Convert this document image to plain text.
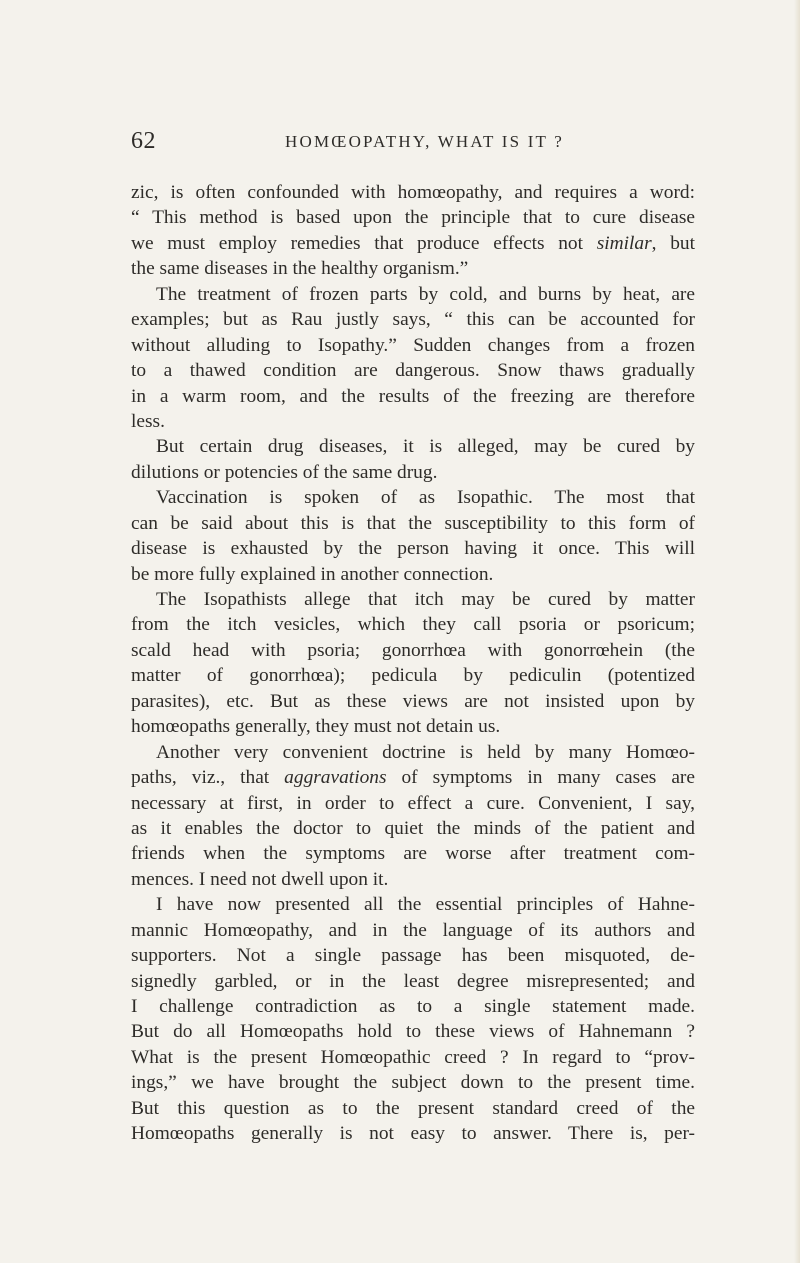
62	HOMŒOPATHY, WHAT IS IT ?
zic, is often confounded with homœopathy, and requires a word:
“ This method is based upon the principle that to cure disease
we must employ remedies that produce effects not similar, but
the same diseases in the healthy organism.”
The treatment of frozen parts by cold, and burns by heat, are
examples; but as Rau justly says, “ this can be accounted for
without alluding to Isopathy.” Sudden changes from a frozen
to a thawed condition are dangerous. Snow thaws gradually
in a warm room, and the results of the freezing are therefore
less.
But certain drug diseases, it is alleged, may be cured by
dilutions or potencies of the same drug.
Vaccination is spoken of as Isopathic. The most that
can be said about this is that the susceptibility to this form of
disease is exhausted by the person having it once. This will
be more fully explained in another connection.
The Isopathists allege that itch may be cured by matter
from the itch vesicles, which they call psoria or psoricum;
scald head with psoria; gonorrhœa with gonorrœhein (the
matter of gonorrhœa); pedicula by pediculin (potentized
parasites), etc. But as these views are not insisted upon by
homœopaths generally, they must not detain us.
Another very convenient doctrine is held by many Homœo-
paths, viz., that aggravations of symptoms in many cases are
necessary at first, in order to effect a cure. Convenient, I say,
as it enables the doctor to quiet the minds of the patient and
friends when the symptoms are worse after treatment com-
mences. I need not dwell upon it.
I have now presented all the essential principles of Hahne-
mannic Homœopathy, and in the language of its authors and
supporters. Not a single passage has been misquoted, de-
signedly garbled, or in the least degree misrepresented; and
I challenge contradiction as to a single statement made.
But do all Homœopaths hold to these views of Hahnemann ?
What is the present Homœopathic creed ? In regard to “prov-
ings,” we have brought the subject down to the present time.
But this question as to the present standard creed of the
Homœopaths generally is not easy to answer. There is, per-
